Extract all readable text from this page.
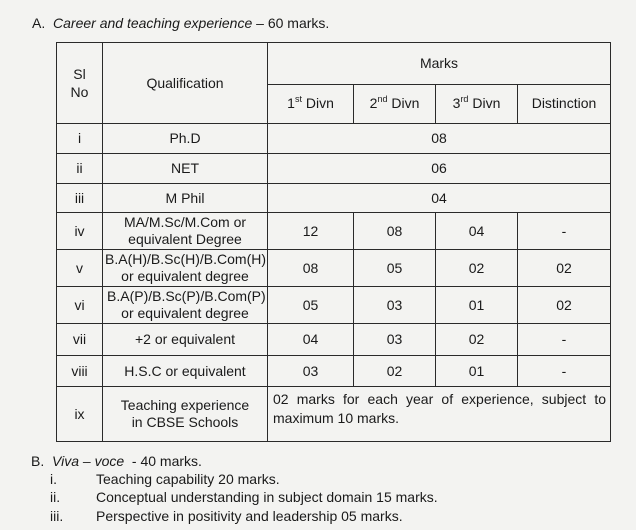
A. Career and teaching experience – 60 marks.
Sl No	Qualification	Marks			
		1st Divn	2nd Divn	3rd Divn	Distinction
i	Ph.D	08			
ii	NET	06			
iii	M Phil	04			
iv	MA/M.Sc/M.Com or equivalent Degree	12	08	04	-
v	B.A(H)/B.Sc(H)/B.Com(H) or equivalent degree	08	05	02	02
vi	B.A(P)/B.Sc(P)/B.Com(P) or equivalent degree	05	03	01	02
vii	+2 or equivalent	04	03	02	-
viii	H.S.C or equivalent	03	02	01	-
ix	Teaching experience in CBSE Schools	02 marks for each year of experience, subject to maximum 10 marks.			
B. Viva – voce  - 40 marks.
i.	Teaching capability 20 marks.
ii.	Conceptual understanding in subject domain 15 marks.
iii. Perspective in positivity and leadership 05 marks.
